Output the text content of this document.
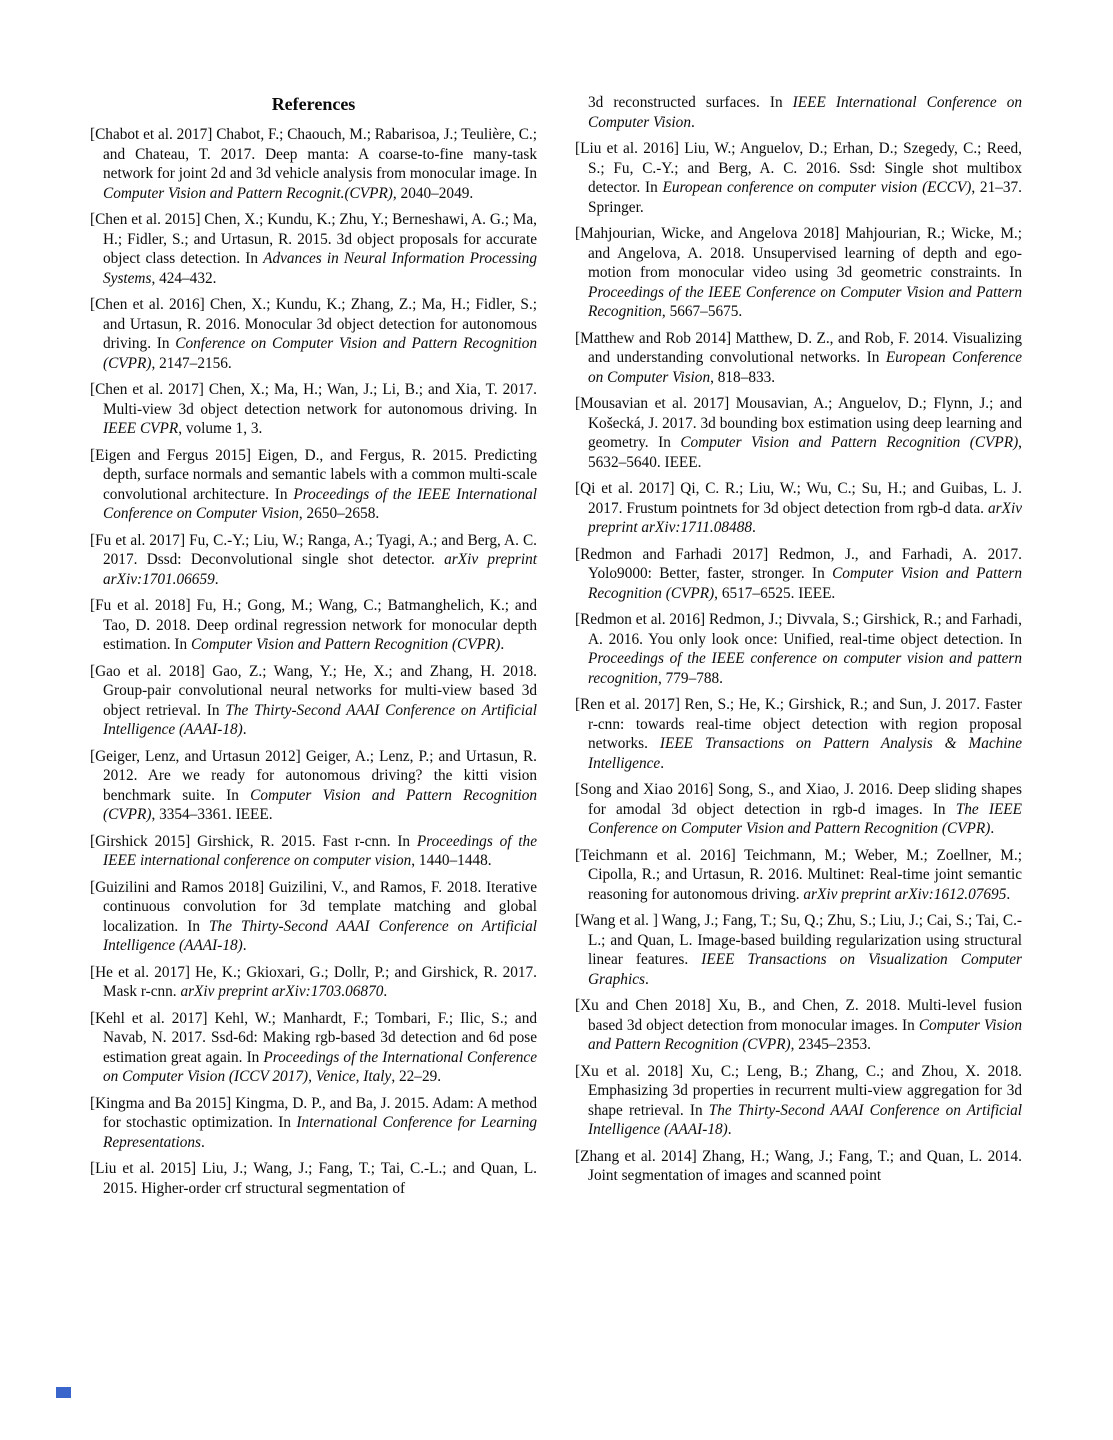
References

[Chabot et al. 2017] Chabot, F.; Chaouch, M.; Rabarisoa, J.; Teulière, C.; and Chateau, T. 2017. Deep manta: A coarse-to-fine many-task network for joint 2d and 3d vehicle analysis from monocular image. In Computer Vision and Pattern Recognit.(CVPR), 2040–2049.

[Chen et al. 2015] Chen, X.; Kundu, K.; Zhu, Y.; Berneshawi, A. G.; Ma, H.; Fidler, S.; and Urtasun, R. 2015. 3d object proposals for accurate object class detection. In Advances in Neural Information Processing Systems, 424–432.

[Chen et al. 2016] Chen, X.; Kundu, K.; Zhang, Z.; Ma, H.; Fidler, S.; and Urtasun, R. 2016. Monocular 3d object detection for autonomous driving. In Conference on Computer Vision and Pattern Recognition (CVPR), 2147–2156.

[Chen et al. 2017] Chen, X.; Ma, H.; Wan, J.; Li, B.; and Xia, T. 2017. Multi-view 3d object detection network for autonomous driving. In IEEE CVPR, volume 1, 3.

[Eigen and Fergus 2015] Eigen, D., and Fergus, R. 2015. Predicting depth, surface normals and semantic labels with a common multi-scale convolutional architecture. In Proceedings of the IEEE International Conference on Computer Vision, 2650–2658.

[Fu et al. 2017] Fu, C.-Y.; Liu, W.; Ranga, A.; Tyagi, A.; and Berg, A. C. 2017. Dssd: Deconvolutional single shot detector. arXiv preprint arXiv:1701.06659.

[Fu et al. 2018] Fu, H.; Gong, M.; Wang, C.; Batmanghelich, K.; and Tao, D. 2018. Deep ordinal regression network for monocular depth estimation. In Computer Vision and Pattern Recognition (CVPR).

[Gao et al. 2018] Gao, Z.; Wang, Y.; He, X.; and Zhang, H. 2018. Group-pair convolutional neural networks for multi-view based 3d object retrieval. In The Thirty-Second AAAI Conference on Artificial Intelligence (AAAI-18).

[Geiger, Lenz, and Urtasun 2012] Geiger, A.; Lenz, P.; and Urtasun, R. 2012. Are we ready for autonomous driving? the kitti vision benchmark suite. In Computer Vision and Pattern Recognition (CVPR), 3354–3361. IEEE.

[Girshick 2015] Girshick, R. 2015. Fast r-cnn. In Proceedings of the IEEE international conference on computer vision, 1440–1448.

[Guizilini and Ramos 2018] Guizilini, V., and Ramos, F. 2018. Iterative continuous convolution for 3d template matching and global localization. In The Thirty-Second AAAI Conference on Artificial Intelligence (AAAI-18).

[He et al. 2017] He, K.; Gkioxari, G.; Dollr, P.; and Girshick, R. 2017. Mask r-cnn. arXiv preprint arXiv:1703.06870.

[Kehl et al. 2017] Kehl, W.; Manhardt, F.; Tombari, F.; Ilic, S.; and Navab, N. 2017. Ssd-6d: Making rgb-based 3d detection and 6d pose estimation great again. In Proceedings of the International Conference on Computer Vision (ICCV 2017), Venice, Italy, 22–29.

[Kingma and Ba 2015] Kingma, D. P., and Ba, J. 2015. Adam: A method for stochastic optimization. In International Conference for Learning Representations.

[Liu et al. 2015] Liu, J.; Wang, J.; Fang, T.; Tai, C.-L.; and Quan, L. 2015. Higher-order crf structural segmentation of

3d reconstructed surfaces. In IEEE International Conference on Computer Vision.

[Liu et al. 2016] Liu, W.; Anguelov, D.; Erhan, D.; Szegedy, C.; Reed, S.; Fu, C.-Y.; and Berg, A. C. 2016. Ssd: Single shot multibox detector. In European conference on computer vision (ECCV), 21–37. Springer.

[Mahjourian, Wicke, and Angelova 2018] Mahjourian, R.; Wicke, M.; and Angelova, A. 2018. Unsupervised learning of depth and ego-motion from monocular video using 3d geometric constraints. In Proceedings of the IEEE Conference on Computer Vision and Pattern Recognition, 5667–5675.

[Matthew and Rob 2014] Matthew, D. Z., and Rob, F. 2014. Visualizing and understanding convolutional networks. In European Conference on Computer Vision, 818–833.

[Mousavian et al. 2017] Mousavian, A.; Anguelov, D.; Flynn, J.; and Košecká, J. 2017. 3d bounding box estimation using deep learning and geometry. In Computer Vision and Pattern Recognition (CVPR), 5632–5640. IEEE.

[Qi et al. 2017] Qi, C. R.; Liu, W.; Wu, C.; Su, H.; and Guibas, L. J. 2017. Frustum pointnets for 3d object detection from rgb-d data. arXiv preprint arXiv:1711.08488.

[Redmon and Farhadi 2017] Redmon, J., and Farhadi, A. 2017. Yolo9000: Better, faster, stronger. In Computer Vision and Pattern Recognition (CVPR), 6517–6525. IEEE.

[Redmon et al. 2016] Redmon, J.; Divvala, S.; Girshick, R.; and Farhadi, A. 2016. You only look once: Unified, real-time object detection. In Proceedings of the IEEE conference on computer vision and pattern recognition, 779–788.

[Ren et al. 2017] Ren, S.; He, K.; Girshick, R.; and Sun, J. 2017. Faster r-cnn: towards real-time object detection with region proposal networks. IEEE Transactions on Pattern Analysis & Machine Intelligence.

[Song and Xiao 2016] Song, S., and Xiao, J. 2016. Deep sliding shapes for amodal 3d object detection in rgb-d images. In The IEEE Conference on Computer Vision and Pattern Recognition (CVPR).

[Teichmann et al. 2016] Teichmann, M.; Weber, M.; Zoellner, M.; Cipolla, R.; and Urtasun, R. 2016. Multinet: Real-time joint semantic reasoning for autonomous driving. arXiv preprint arXiv:1612.07695.

[Wang et al. ] Wang, J.; Fang, T.; Su, Q.; Zhu, S.; Liu, J.; Cai, S.; Tai, C.-L.; and Quan, L. Image-based building regularization using structural linear features. IEEE Transactions on Visualization Computer Graphics.

[Xu and Chen 2018] Xu, B., and Chen, Z. 2018. Multi-level fusion based 3d object detection from monocular images. In Computer Vision and Pattern Recognition (CVPR), 2345–2353.

[Xu et al. 2018] Xu, C.; Leng, B.; Zhang, C.; and Zhou, X. 2018. Emphasizing 3d properties in recurrent multi-view aggregation for 3d shape retrieval. In The Thirty-Second AAAI Conference on Artificial Intelligence (AAAI-18).

[Zhang et al. 2014] Zhang, H.; Wang, J.; Fang, T.; and Quan, L. 2014. Joint segmentation of images and scanned point
